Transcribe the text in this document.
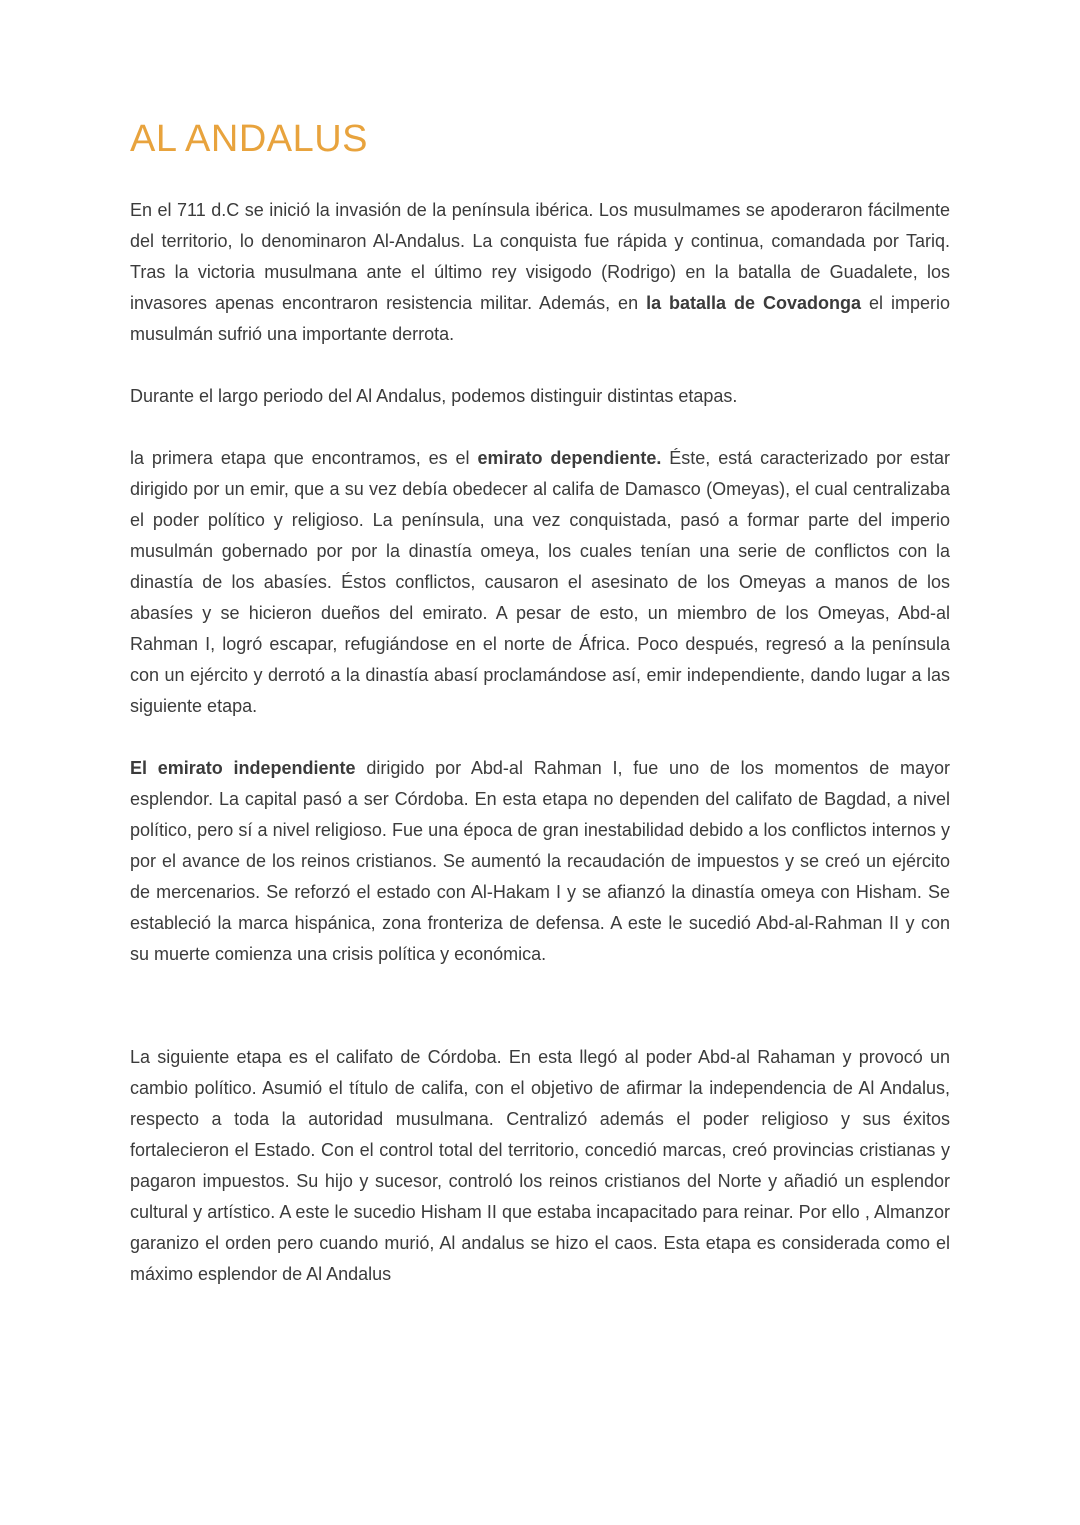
AL ANDALUS

En el 711 d.C se inició la invasión de la península ibérica. Los musulmames se apoderaron fácilmente del territorio, lo denominaron Al-Andalus. La conquista fue rápida y continua, comandada por Tariq. Tras la victoria musulmana ante el último rey visigodo (Rodrigo) en la batalla de Guadalete, los invasores apenas encontraron resistencia militar. Además, en la batalla de Covadonga el imperio musulmán sufrió una importante derrota.

Durante el largo periodo del Al Andalus, podemos distinguir distintas etapas.

la primera etapa que encontramos, es el emirato dependiente. Éste, está caracterizado por estar dirigido por un emir, que a su vez debía obedecer al califa de Damasco (Omeyas), el cual centralizaba el poder político y religioso. La península, una vez conquistada, pasó a formar parte del imperio musulmán gobernado por por la dinastía omeya, los cuales tenían una serie de conflictos con la dinastía de los abasíes. Éstos conflictos, causaron el asesinato de los Omeyas a manos de los abasíes y se hicieron dueños del emirato. A pesar de esto, un miembro de los Omeyas, Abd-al Rahman I, logró escapar, refugiándose en el norte de África. Poco después, regresó a la península con un ejército y derrotó a la dinastía abasí proclamándose así, emir independiente, dando lugar a las siguiente etapa.

El emirato independiente dirigido por Abd-al Rahman I, fue uno de los momentos de mayor esplendor. La capital pasó a ser Córdoba. En esta etapa no dependen del califato de Bagdad, a nivel político, pero sí a nivel religioso. Fue una época de gran inestabilidad debido a los conflictos internos y por el avance de los reinos cristianos. Se aumentó la recaudación de impuestos y se creó un ejército de mercenarios. Se reforzó el estado con Al-Hakam I y se afianzó la dinastía omeya con Hisham. Se estableció la marca hispánica, zona fronteriza de defensa. A este le sucedió Abd-al-Rahman II y con su muerte comienza una crisis política y económica.

La siguiente etapa es el califato de Córdoba. En esta llegó al poder Abd-al Rahaman y provocó un cambio político. Asumió el título de califa, con el objetivo de afirmar la independencia de Al Andalus, respecto a toda la autoridad musulmana. Centralizó además el poder religioso y sus éxitos fortalecieron el Estado. Con el control total del territorio, concedió marcas, creó provincias cristianas y pagaron impuestos. Su hijo y sucesor, controló los reinos cristianos del Norte y añadió un esplendor cultural y artístico. A este le sucedio Hisham II que estaba incapacitado para reinar. Por ello , Almanzor garanizo el orden pero cuando murió, Al andalus se hizo el caos. Esta etapa es considerada como el máximo esplendor de Al Andalus
